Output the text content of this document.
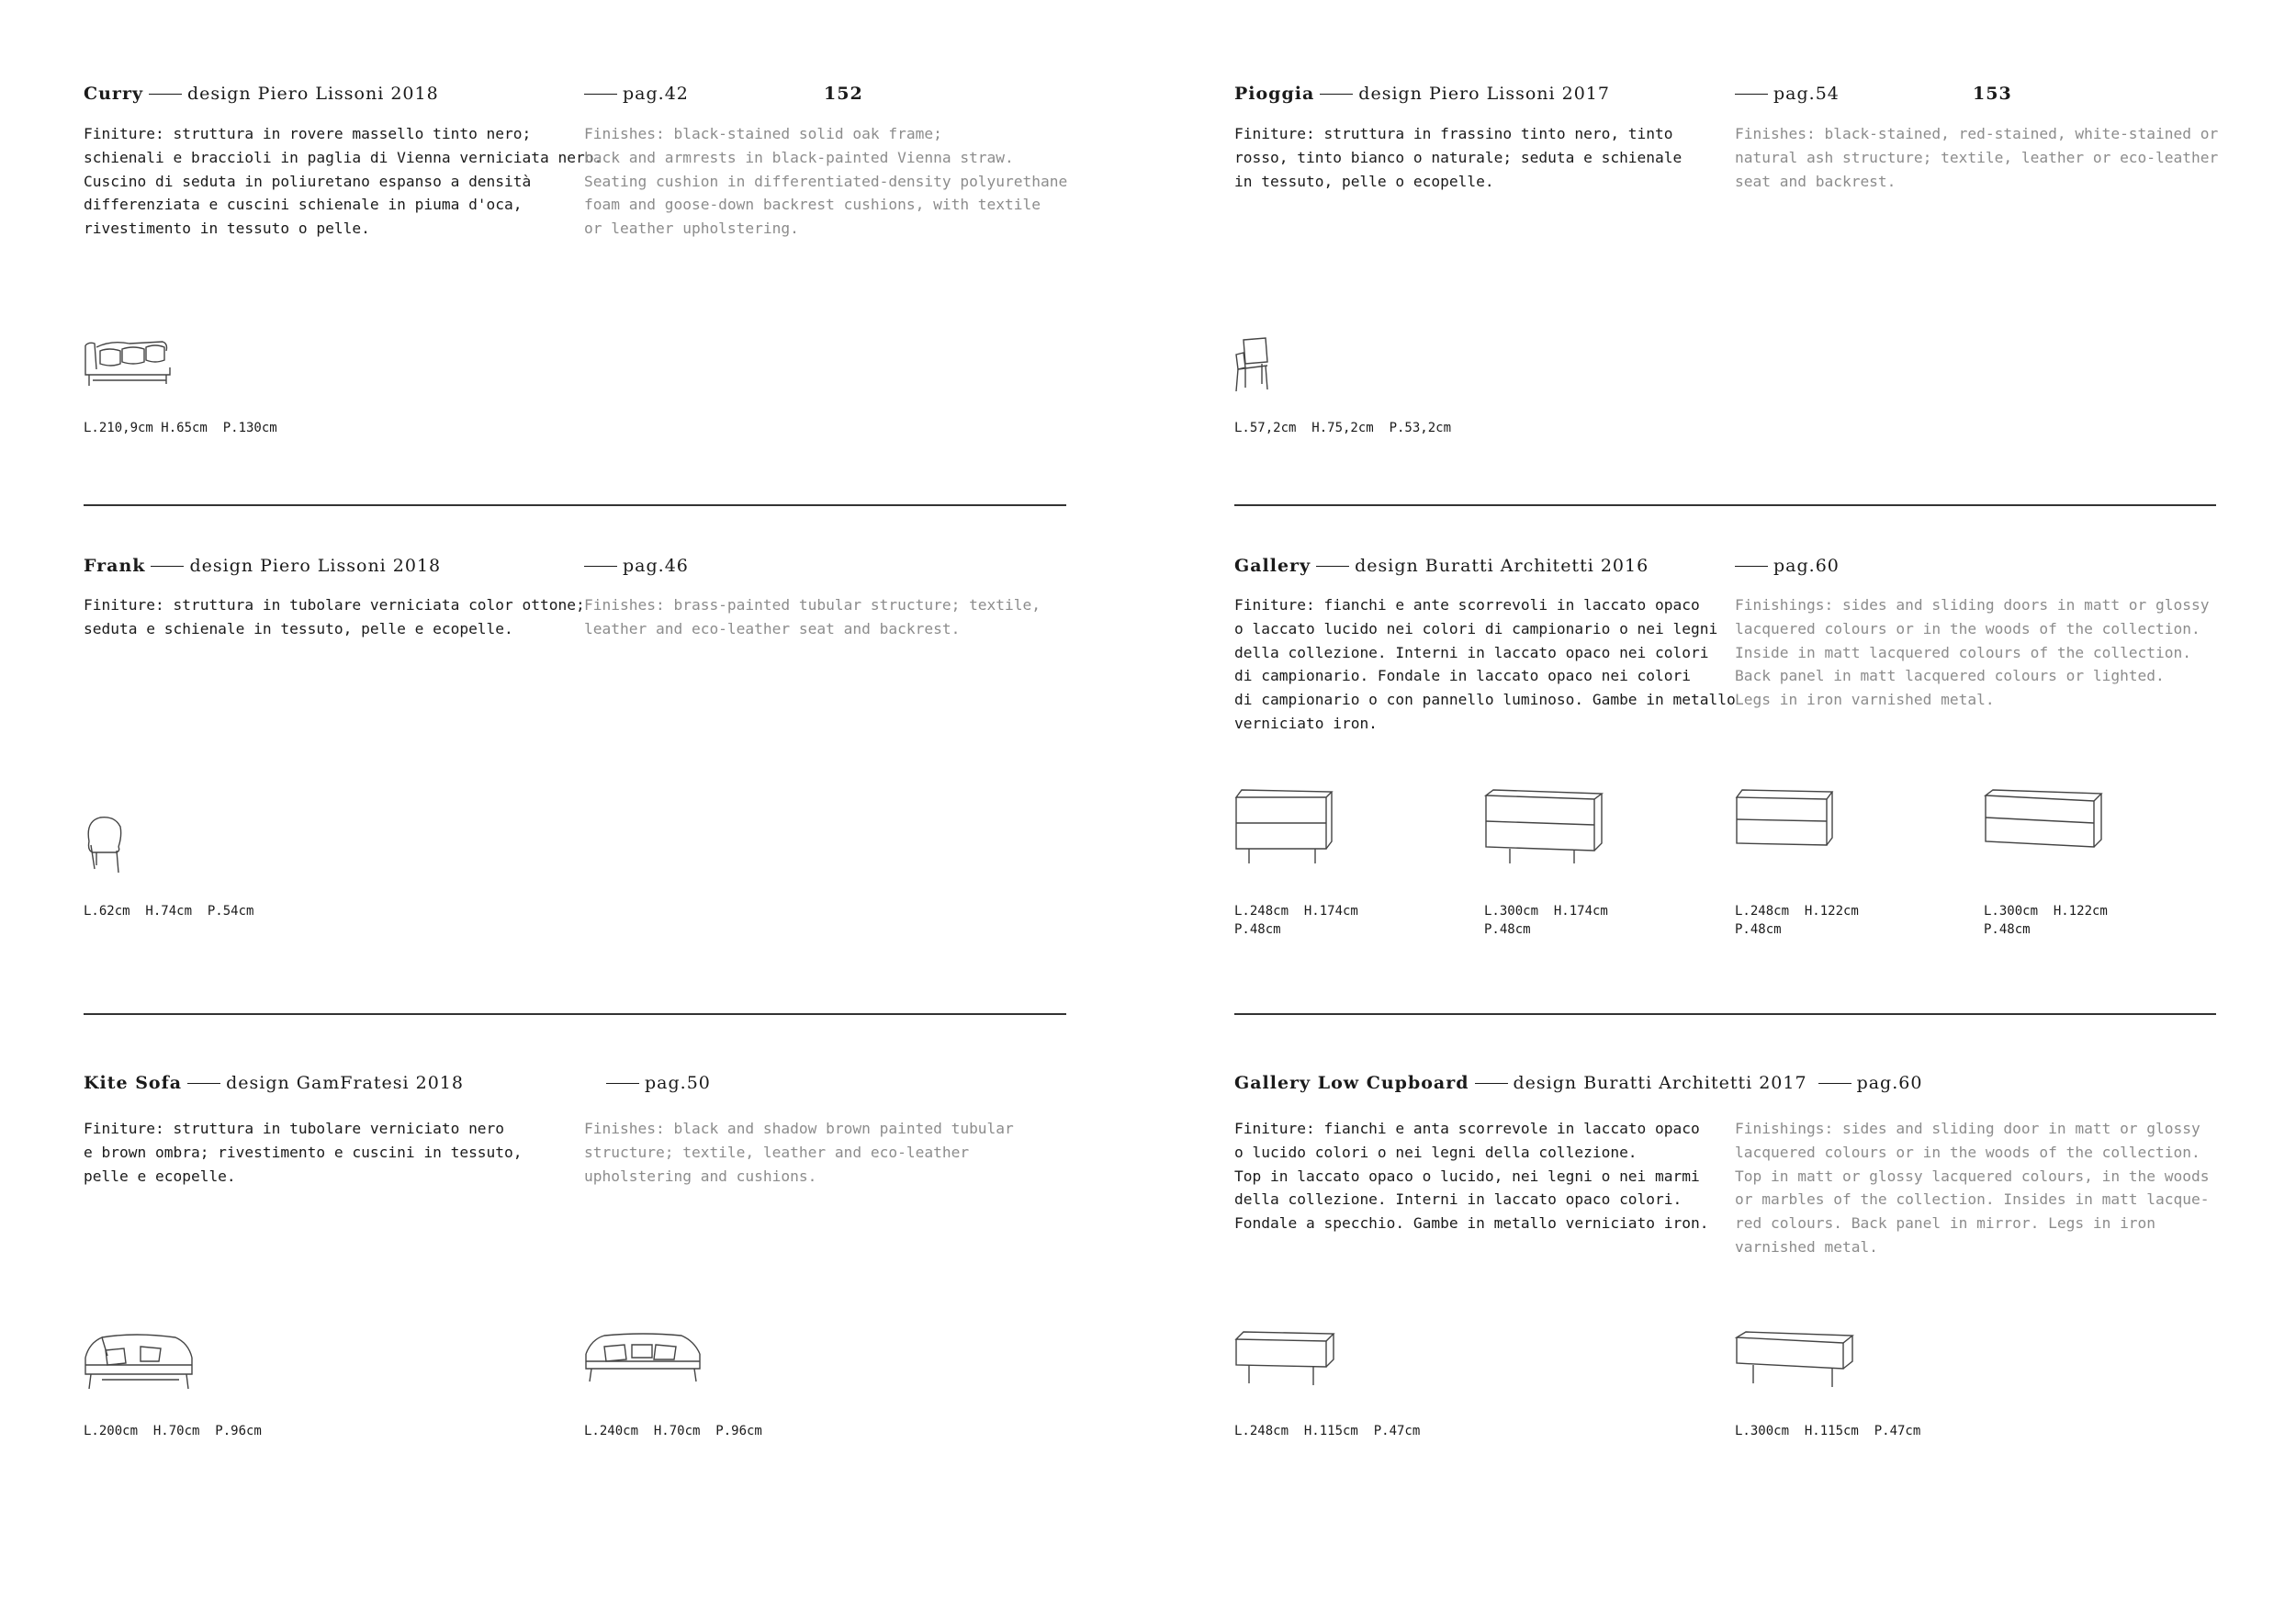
Curry	design Piero Lissoni 2018	pag.42	152
Finiture: struttura in rovere massello tinto nero;
schienali e braccioli in paglia di Vienna verniciata nero.
Cuscino di seduta in poliuretano espanso a densità
differenziata e cuscini schienale in piuma d'oca,
rivestimento in tessuto o pelle.
Finishes: black-stained solid oak frame;
back and armrests in black-painted Vienna straw.
Seating cushion in differentiated-density polyurethane
foam and goose-down backrest cushions, with textile
or leather upholstering.
L.210,9cm H.65cm  P.130cm
Frank	design Piero Lissoni 2018	pag.46
Finiture: struttura in tubolare verniciata color ottone;
seduta e schienale in tessuto, pelle e ecopelle.
Finishes: brass-painted tubular structure; textile,
leather and eco-leather seat and backrest.
L.62cm  H.74cm  P.54cm
Kite Sofa	design GamFratesi 2018	pag.50
Finiture: struttura in tubolare verniciato nero
e brown ombra; rivestimento e cuscini in tessuto,
pelle e ecopelle.
Finishes: black and shadow brown painted tubular
structure; textile, leather and eco-leather
upholstering and cushions.
L.200cm  H.70cm  P.96cm	L.240cm  H.70cm  P.96cm
Pioggia	design Piero Lissoni 2017	pag.54	153
Finiture: struttura in frassino tinto nero, tinto
rosso, tinto bianco o naturale; seduta e schienale
in tessuto, pelle o ecopelle.
Finishes: black-stained, red-stained, white-stained or
natural ash structure; textile, leather or eco-leather
seat and backrest.
L.57,2cm  H.75,2cm  P.53,2cm
Gallery	design Buratti Architetti 2016	pag.60
Finiture: fianchi e ante scorrevoli in laccato opaco
o laccato lucido nei colori di campionario o nei legni
della collezione. Interni in laccato opaco nei colori
di campionario. Fondale in laccato opaco nei colori
di campionario o con pannello luminoso. Gambe in metallo
verniciato iron.
Finishings: sides and sliding doors in matt or glossy
lacquered colours or in the woods of the collection.
Inside in matt lacquered colours of the collection.
Back panel in matt lacquered colours or lighted.
Legs in iron varnished metal.
L.248cm  H.174cm
P.48cm
L.300cm  H.174cm
P.48cm
L.248cm  H.122cm
P.48cm
L.300cm  H.122cm
P.48cm
Gallery Low Cupboard	design Buratti Architetti 2017	pag.60
Finiture: fianchi e anta scorrevole in laccato opaco
o lucido colori o nei legni della collezione.
Top in laccato opaco o lucido, nei legni o nei marmi
della collezione. Interni in laccato opaco colori.
Fondale a specchio. Gambe in metallo verniciato iron.
Finishings: sides and sliding door in matt or glossy
lacquered colours or in the woods of the collection.
Top in matt or glossy lacquered colours, in the woods
or marbles of the collection. Insides in matt lacque-
red colours. Back panel in mirror. Legs in iron
varnished metal.
L.248cm  H.115cm  P.47cm	L.300cm  H.115cm  P.47cm
